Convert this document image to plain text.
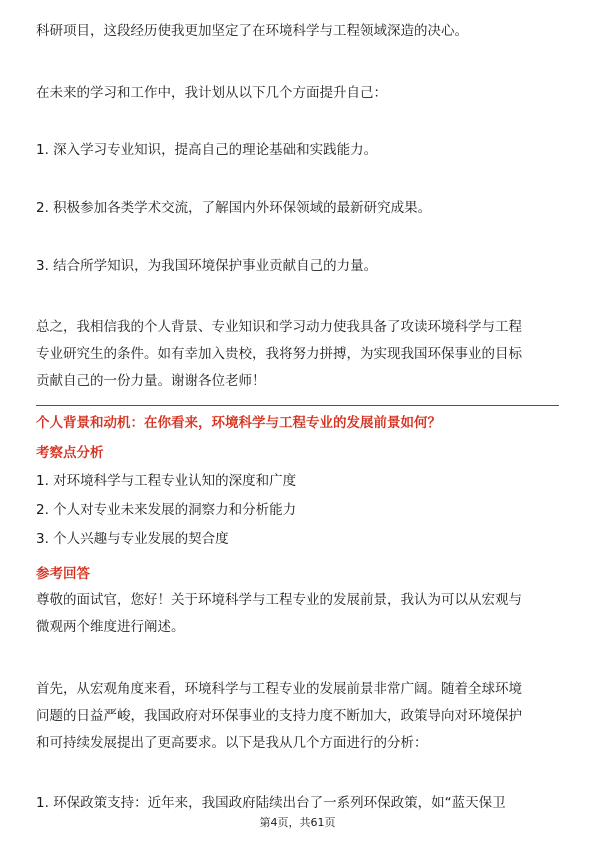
科研项目，这段经历使我更加坚定了在环境科学与工程领域深造的决心。

在未来的学习和工作中，我计划从以下几个方面提升自己：

1. 深入学习专业知识，提高自己的理论基础和实践能力。

2. 积极参加各类学术交流，了解国内外环保领域的最新研究成果。

3. 结合所学知识，为我国环境保护事业贡献自己的力量。

总之，我相信我的个人背景、专业知识和学习动力使我具备了攻读环境科学与工程
专业研究生的条件。如有幸加入贵校，我将努力拼搏，为实现我国环保事业的目标
贡献自己的一份力量。谢谢各位老师！

个人背景和动机：在你看来，环境科学与工程专业的发展前景如何？

考察点分析

1. 对环境科学与工程专业认知的深度和广度

2. 个人对专业未来发展的洞察力和分析能力

3. 个人兴趣与专业发展的契合度

参考回答

尊敬的面试官，您好！关于环境科学与工程专业的发展前景，我认为可以从宏观与
微观两个维度进行阐述。
首先，从宏观角度来看，环境科学与工程专业的发展前景非常广阔。随着全球环境
问题的日益严峻，我国政府对环保事业的支持力度不断加大，政策导向对环境保护
和可持续发展提出了更高要求。以下是我从几个方面进行的分析：

1. 环保政策支持：近年来，我国政府陆续出台了一系列环保政策，如“蓝天保卫

第4页，共61页
